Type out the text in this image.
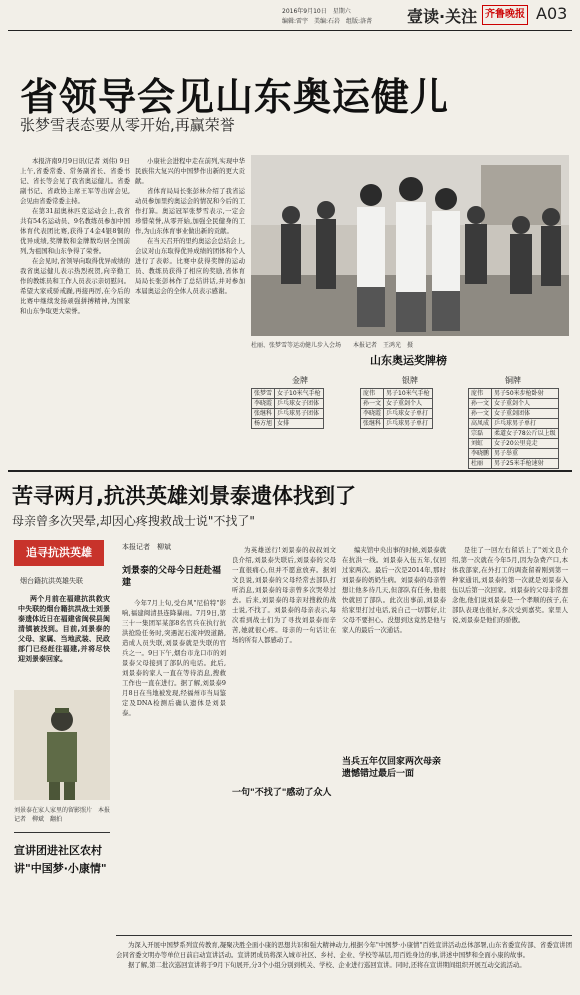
2016年9月10日　星期六
编辑:雷宇　美编:石岩　组版:洛菁 壹读·关注 齐鲁晚报 A03
省领导会见山东奥运健儿
张梦雪表态要从零开始,再赢荣誉

本报济南9月9日讯(记者 刘伟) 9日上午,省委常委、常务副省长、省委书记、省长等会见了我省奥运健儿。省委副书记、省政协主席王军等出席会见,会见由省委常委主持。

在第31届奥林匹克运动会上,我省共有54名运动员、9名教练员参加中国体育代表团比赛,获得了4金4银8铜的优异成绩,奖牌数和金牌数均居全国前列,为祖国和山东争得了荣誉。

在会见时,省领导向取得优异成绩的我省奥运健儿表示热烈祝贺,向辛勤工作的教练员和工作人员表示亲切慰问。希望大家戒骄戒躁,再接再厉,在今后的比赛中继续发扬顽强拼搏精神,为国家和山东争取更大荣誉。

小康社会进程中走在前列,实现中华民族伟大复兴的中国梦作出新的更大贡献。

省体育局局长张彭林介绍了我省运动员参加里约奥运会的情况和今后的工作打算。奥运冠军张梦雪表示,一定会珍惜荣誉,从零开始,加强全民健身的工作,为山东体育事业做出新的贡献。

在当天召开的里约奥运会总结会上,会议对山东取得优异成绩的团体和个人进行了表彰。比赛中获得奖牌的运动员、教练员获得了相应的奖励,省体育局局长张彭林作了总结讲话,并对参加本届奥运会的全体人员表示感谢。

杜丽、张梦雪等运动健儿步入会场　　本报记者　王鸿光　摄
山东奥运奖牌榜
金牌	银牌	铜牌
张梦雪	女子10米气手枪
李晓霞	乒乓球女子团体
张继科	乒乓球男子团体
杨方旭	女排
庞伟	男子10米气手枪
孙一文	女子重剑个人
李晓霞	乒乓球女子单打
张继科	乒乓球男子单打
庞伟	男子50米步枪卧射
孙一文	女子重剑个人
孙一文	女子重剑团体
高凤成	乒乓球男子单打
宗磊	柔道女子78公斤以上级
刘虹	女子20公里竞走
李晓鹏	男子举重
杜丽	男子25米手枪速射
苦寻两月,抗洪英雄刘景泰遗体找到了
母亲曾多次哭晕,却因心疼搜救战士说"不找了"
追寻抗洪英雄
烟台籍抗洪英雄失联

两个月前在福建抗洪救灾中失联的烟台籍抗洪战士刘景泰遗体近日在福建省闽侯县闽清镇被找到。目前,刘景泰的父母、家属、当地武装、民政部门已经赶往福建,并将尽快迎刘景泰回家。

刘景泰在家人家里的留影照片　本报记者　柳斌　翻拍
宣讲团进社区农村
讲"中国梦·小康情"
本报记者　柳斌
刘景泰的父母今日赶赴福建

今年7月上旬,受台风"尼伯特"影响,福建闽清县连降暴雨。7月9日,第三十一集团军某部8名官兵在执行抗洪抢险任务时,突遇泥石流冲毁道路,造成人员失联,刘景泰就是失联的官兵之一。9日下午,烟台市龙口市的刘景泰父母接到了部队的电话。此后,刘景泰的家人一直在等待消息,搜救工作也一直在进行。据了解,刘景泰9月8日在当地被发现,经福州市当局鉴定及DNA检测后确认遗体是刘景泰。

为英雄送行!刘景泰的叔叔刘文良介绍,刘景泰失联后,刘景泰的父母一直很痛心,但并不愿意放弃。据刘文良说,刘景泰的父母经常去部队打听消息,刘景泰的母亲曾多次哭晕过去。后来,刘景泰的母亲对搜救的战士说,不找了。刘景泰的母亲表示,每次看到战士们为了寻找刘景泰而辛苦,她就很心疼。母亲的一句话让在场的所有人都感动了。

一句"不找了"感动了众人

编夹馆中央出事的时候,刘景泰就在抗洪一线。刘景泰入伍五年,仅回过家两次。最后一次是2014年,那时刘景泰的奶奶生病。刘景泰的母亲曾想让他多待几天,但部队有任务,他很快就回了部队。此次出事前,刘景泰给家里打过电话,说自己一切都好,让父母不要担心。没想到这竟然是他与家人的最后一次通话。

当兵五年仅回家两次母亲遗憾错过最后一面

是往了一回左右留话上了"刘文良介绍,第一次就在今年5月,因为杂费产口,本体我部家,在外打工的调查留着刚到第一种家通讯,刘景泰的第一次就是刘景泰入伍以后第一次回家。刘景泰的父母非常想念他,他们说刘景泰是一个孝顺的孩子,在部队表现也很好,多次受到嘉奖。家里人说,刘景泰是他们的骄傲。

为深入开展中国梦系列宣传教育,凝聚决胜全面小康的思想共识和强大精神动力,根据今年"中国梦·小康情"百姓宣讲活动总体部署,山东省委宣传部、省委宣讲团会同省委文明办等单位日前启动宣讲活动。宣讲团成员将深入城市社区、乡村、企业、学校等基层,用百姓身边的事,讲述中国梦和全面小康的故事。

据了解,第二批次巡回宣讲将于9月下旬展开,分3个小组分别到机关、学校、企业进行巡回宣讲。同时,还将在宣讲期间组织开展互动交流活动。
